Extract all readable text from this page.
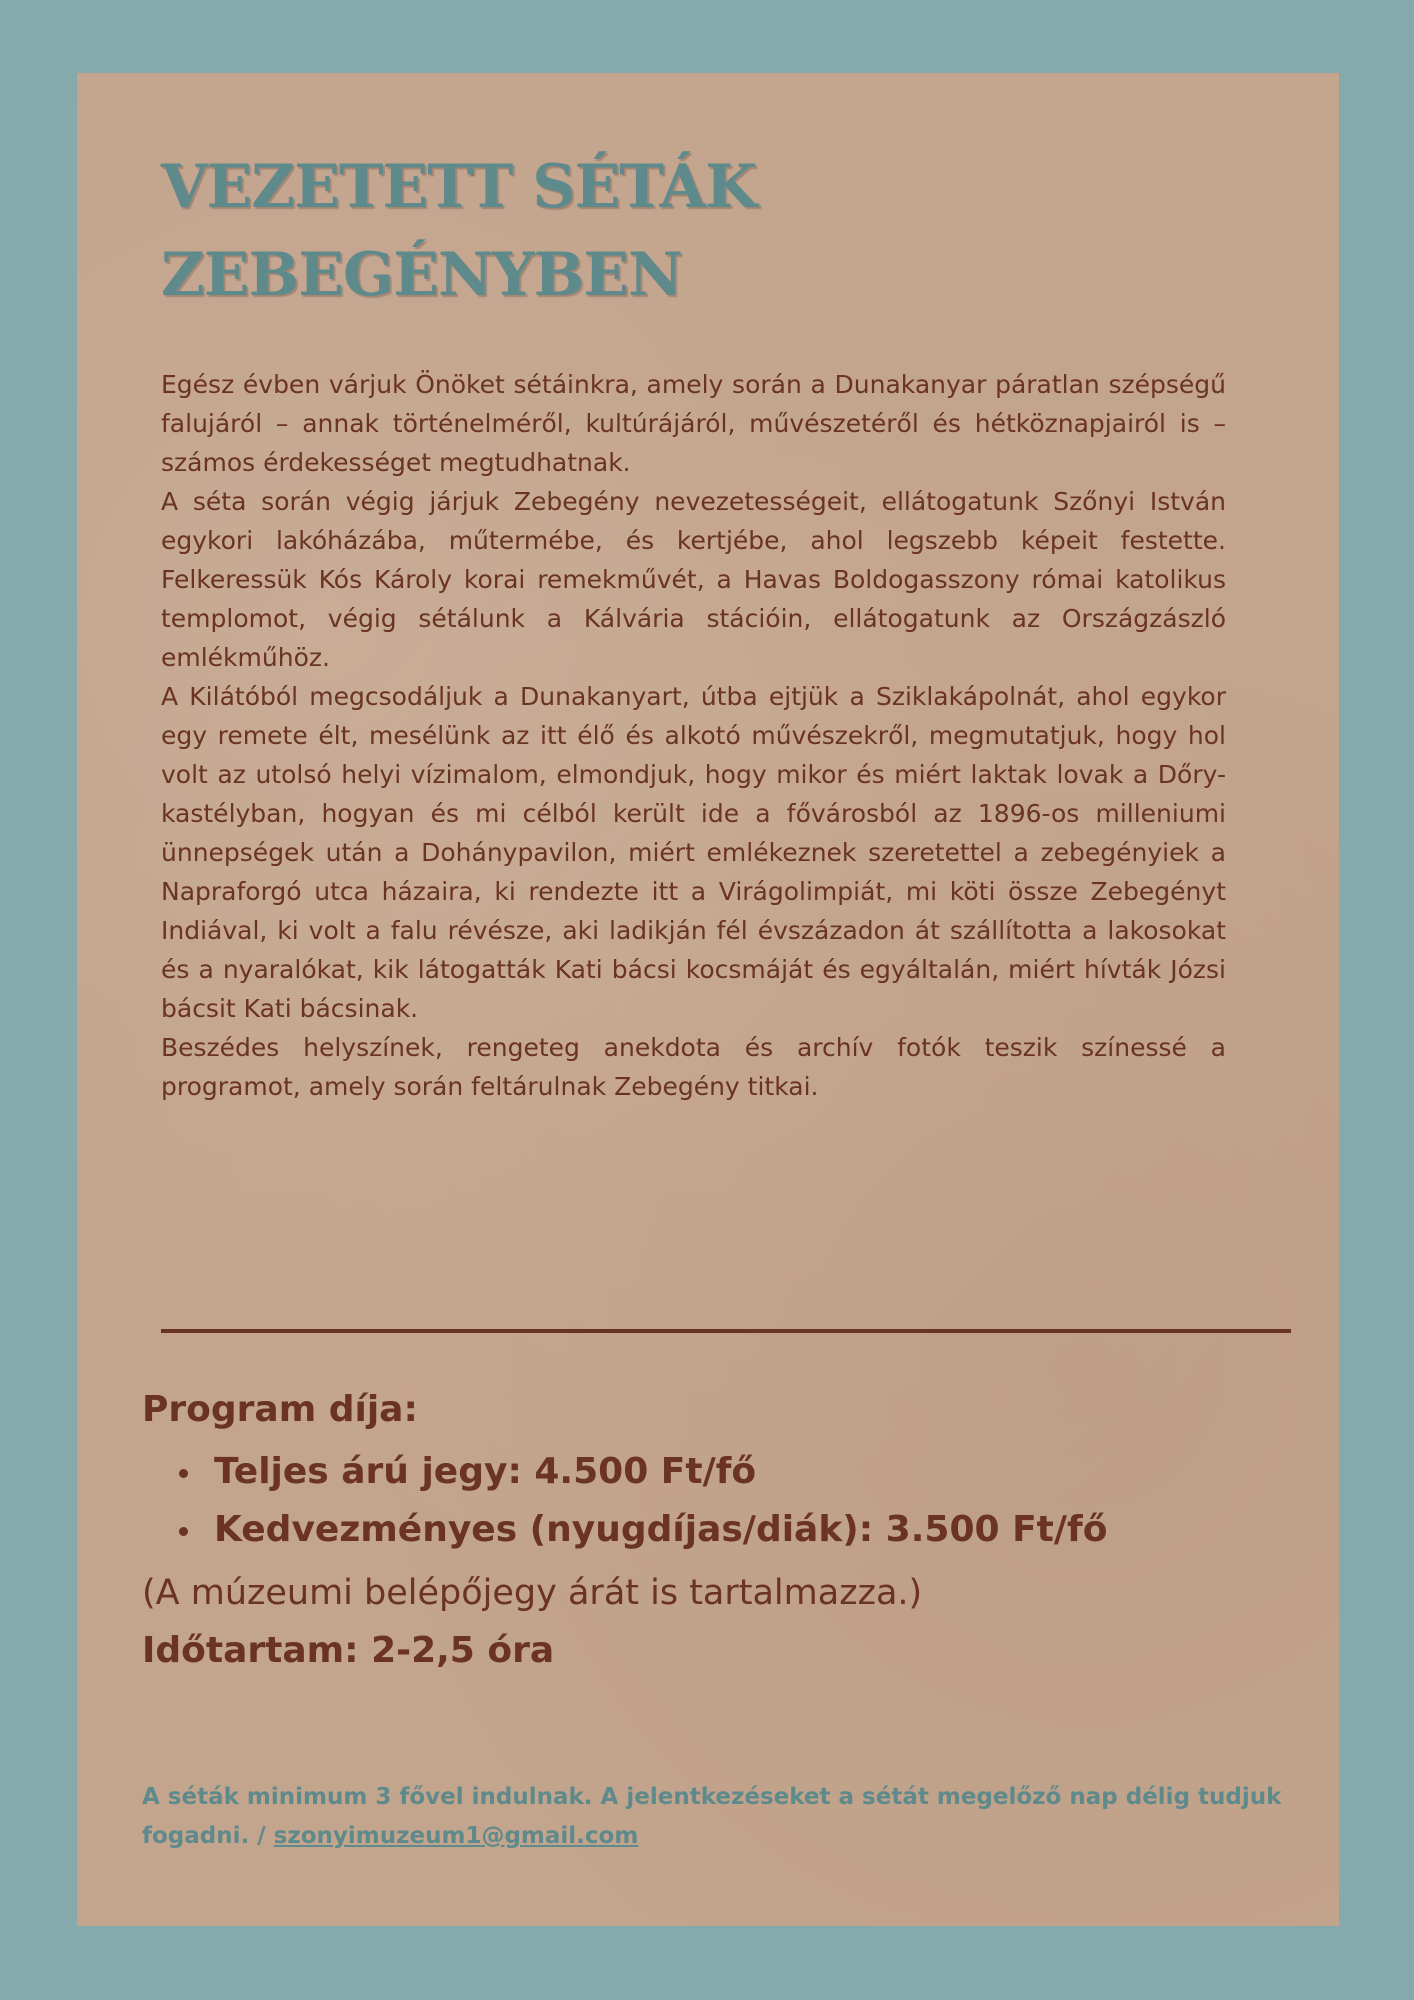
VEZETETT SÉTÁK
ZEBEGÉNYBEN

Egész évben várjuk Önöket sétáinkra, amely során a Dunakanyar páratlan szépségű falujáról – annak történelméről, kultúrájáról, művészetéről és hétköznapjairól is – számos érdekességet megtudhatnak.

A séta során végig járjuk Zebegény nevezetességeit, ellátogatunk Szőnyi István egykori lakóházába, műtermébe, és kertjébe, ahol legszebb képeit festette. Felkeressük Kós Károly korai remekművét, a Havas Boldogasszony római katolikus templomot, végig sétálunk a Kálvária stációin, ellátogatunk az Országzászló emlékműhöz.

A Kilátóból megcsodáljuk a Dunakanyart, útba ejtjük a Sziklakápolnát, ahol egykor egy remete élt, mesélünk az itt élő és alkotó művészekről, megmutatjuk, hogy hol volt az utolsó helyi vízimalom, elmondjuk, hogy mikor és miért laktak lovak a Dőry-kastélyban, hogyan és mi célból került ide a fővárosból az 1896-os milleniumi ünnepségek után a Dohánypavilon, miért emlékeznek szeretettel a zebegényiek a Napraforgó utca házaira, ki rendezte itt a Virágolimpiát, mi köti össze Zebegényt Indiával, ki volt a falu révésze, aki ladikján fél évszázadon át szállította a lakosokat és a nyaralókat, kik látogatták Kati bácsi kocsmáját és egyáltalán, miért hívták Józsi bácsit Kati bácsinak.

Beszédes helyszínek, rengeteg anekdota és archív fotók teszik színessé a programot, amely során feltárulnak Zebegény titkai.

Program díja:
Teljes árú jegy: 4.500 Ft/fő
Kedvezményes (nyugdíjas/diák): 3.500 Ft/fő

(A múzeumi belépőjegy árát is tartalmazza.)

Időtartam: 2-2,5 óra

A séták minimum 3 fővel indulnak. A jelentkezéseket a sétát megelőző nap délig tudjuk fogadni. / szonyimuzeum1@gmail.com
